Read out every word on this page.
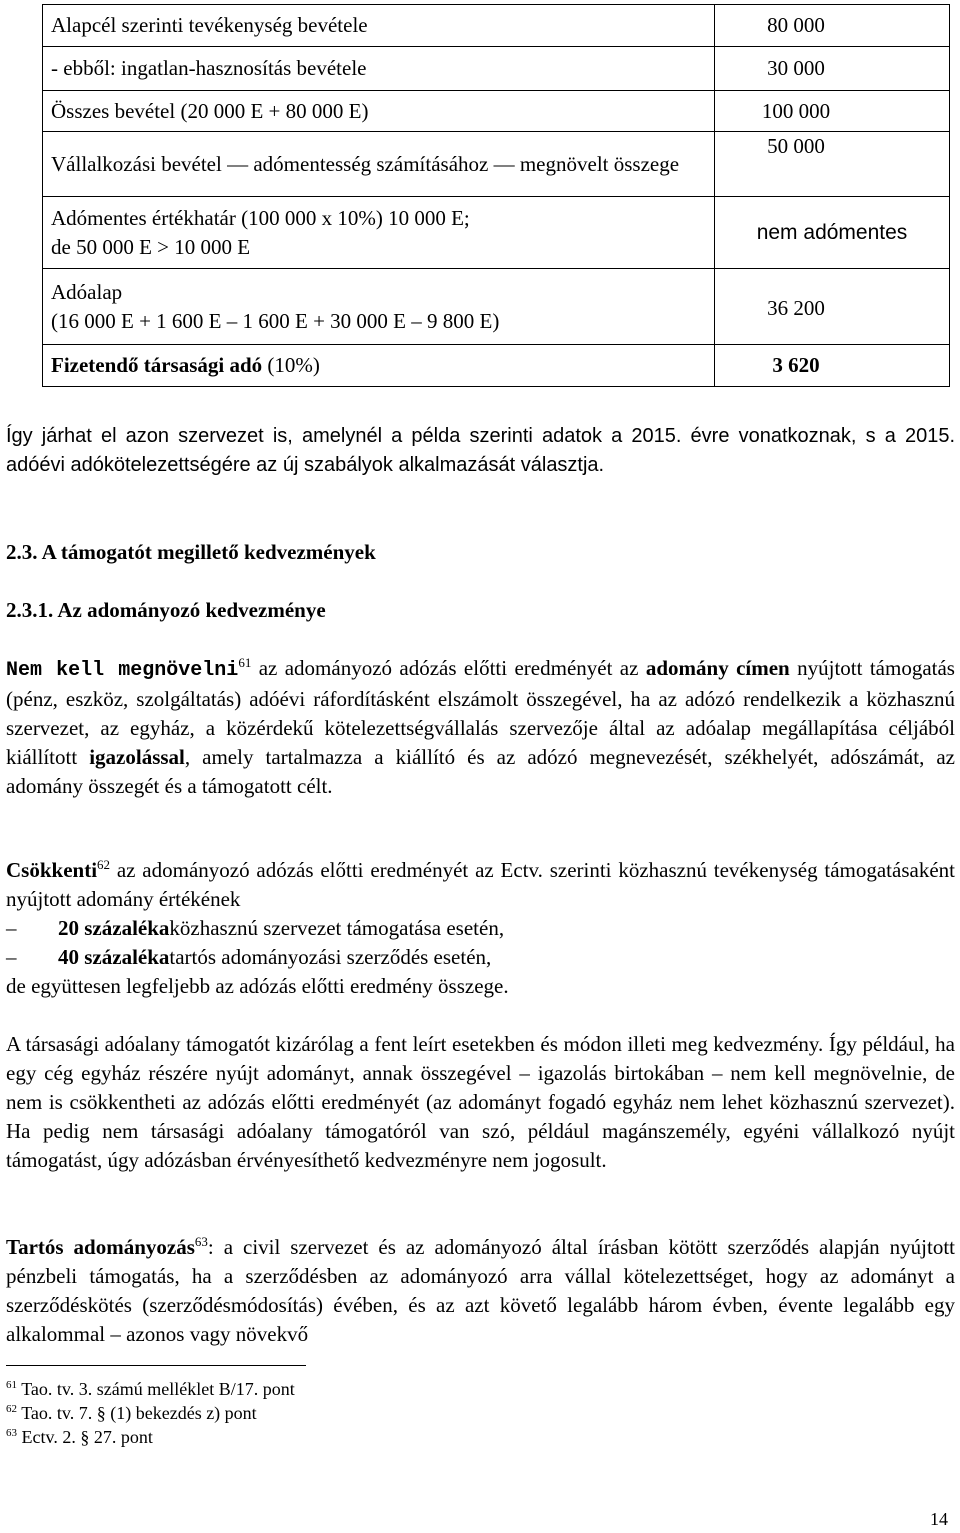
Alapcél szerinti tevékenység bevétele	80 000
- ebből: ingatlan-hasznosítás bevétele	30 000
Összes bevétel (20 000 E + 80 000 E)	100 000
Vállalkozási bevétel — adómentesség számításához — megnövelt összege	50 000
Adómentes értékhatár (100 000 x 10%) 10 000 E;
de 50 000 E > 10 000 E	nem adómentes
Adóalap
(16 000 E + 1 600 E – 1 600 E + 30 000 E – 9 800 E)	36 200
Fizetendő társasági adó (10%)	3 620
Így járhat el azon szervezet is, amelynél a példa szerinti adatok a 2015. évre vonatkoznak, s a 2015. adóévi adókötelezettségére az új szabályok alkalmazását választja.
2.3. A támogatót megillető kedvezmények
2.3.1. Az adományozó kedvezménye
Nem kell megnövelni$^{61}$ az adományozó adózás előtti eredményét az adomány címen nyújtott támogatás (pénz, eszköz, szolgáltatás) adóévi ráfordításként elszámolt összegével, ha az adózó rendelkezik a közhasznú szervezet, az egyház, a közérdekű kötelezettségvállalás szervezője által az adóalap megállapítása céljából kiállított igazolással, amely tartalmazza a kiállító és az adózó megnevezését, székhelyét, adószámát, az adomány összegét és a támogatott célt.
Csökkenti$^{62}$ az adományozó adózás előtti eredményét az Ectv. szerinti közhasznú tevékenység támogatásaként nyújtott adomány értékének
–	20 százaléka közhasznú szervezet támogatása esetén,
–	40 százaléka tartós adományozási szerződés esetén,
de együttesen legfeljebb az adózás előtti eredmény összege.
A társasági adóalany támogatót kizárólag a fent leírt esetekben és módon illeti meg kedvezmény. Így például, ha egy cég egyház részére nyújt adományt, annak összegével – igazolás birtokában – nem kell megnövelnie, de nem is csökkentheti az adózás előtti eredményét (az adományt fogadó egyház nem lehet közhasznú szervezet). Ha pedig nem társasági adóalany támogatóról van szó, például magánszemély, egyéni vállalkozó nyújt támogatást, úgy adózásban érvényesíthető kedvezményre nem jogosult.
Tartós adományozás$^{63}$: a civil szervezet és az adományozó által írásban kötött szerződés alapján nyújtott pénzbeli támogatás, ha a szerződésben az adományozó arra vállal kötelezettséget, hogy az adományt a szerződéskötés (szerződésmódosítás) évében, és az azt követő legalább három évben, évente legalább egy alkalommal – azonos vagy növekvő
$^{61}$ Tao. tv. 3. számú melléklet B/17. pont
$^{62}$ Tao. tv. 7. § (1) bekezdés z) pont
$^{63}$ Ectv. 2. § 27. pont
14
